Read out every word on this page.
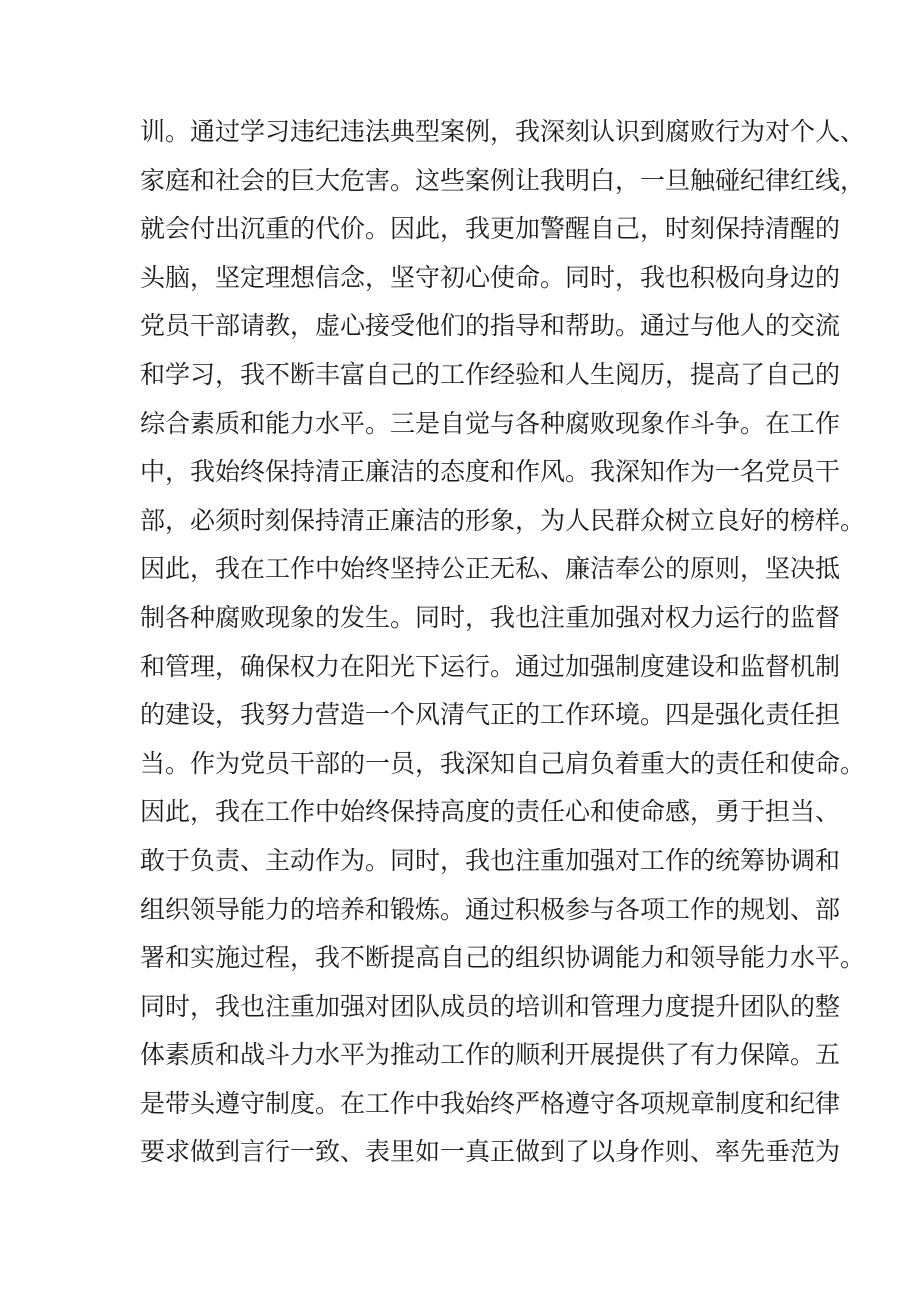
训。通过学习违纪违法典型案例，我深刻认识到腐败行为对个人、
家庭和社会的巨大危害。这些案例让我明白，一旦触碰纪律红线，
就会付出沉重的代价。因此，我更加警醒自己，时刻保持清醒的
头脑，坚定理想信念，坚守初心使命。同时，我也积极向身边的
党员干部请教，虚心接受他们的指导和帮助。通过与他人的交流
和学习，我不断丰富自己的工作经验和人生阅历，提高了自己的
综合素质和能力水平。三是自觉与各种腐败现象作斗争。在工作
中，我始终保持清正廉洁的态度和作风。我深知作为一名党员干
部，必须时刻保持清正廉洁的形象，为人民群众树立良好的榜样。
因此，我在工作中始终坚持公正无私、廉洁奉公的原则，坚决抵
制各种腐败现象的发生。同时，我也注重加强对权力运行的监督
和管理，确保权力在阳光下运行。通过加强制度建设和监督机制
的建设，我努力营造一个风清气正的工作环境。四是强化责任担
当。作为党员干部的一员，我深知自己肩负着重大的责任和使命。
因此，我在工作中始终保持高度的责任心和使命感，勇于担当、
敢于负责、主动作为。同时，我也注重加强对工作的统筹协调和
组织领导能力的培养和锻炼。通过积极参与各项工作的规划、部
署和实施过程，我不断提高自己的组织协调能力和领导能力水平。
同时，我也注重加强对团队成员的培训和管理力度提升团队的整
体素质和战斗力水平为推动工作的顺利开展提供了有力保障。五
是带头遵守制度。在工作中我始终严格遵守各项规章制度和纪律
要求做到言行一致、表里如一真正做到了以身作则、率先垂范为
